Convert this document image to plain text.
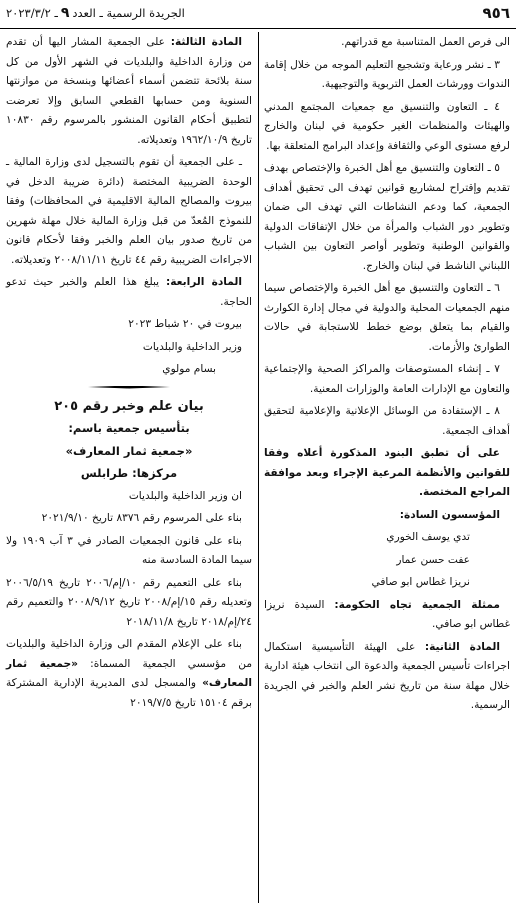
٩٥٦
الجريدة الرسمية ـ العدد٩ـ ٢٠٢٣/٣/٢

الى فرص العمل المتناسبة مع قدراتهم.

٣ ـ نشر ورعاية وتشجيع التعليم الموجه من خلال إقامة الندوات وورشات العمل التربوية والتوجيهية.

٤ ـ التعاون والتنسيق مع جمعيات المجتمع المدني والهيئات والمنظمات الغير حكومية في لبنان والخارج لرفع مستوى الوعي والثقافة وإعداد البرامج المتعلقة بها.

٥ ـ التعاون والتنسيق مع أهل الخبرة والإختصاص بهدف تقديم وإقتراح لمشاريع قوانين تهدف الى تحقيق أهداف الجمعية، كما ودعم النشاطات التي تهدف الى ضمان وتطوير دور الشباب والمرأة من خلال الإتفاقات الدولية والقوانين الوطنية وتطوير أواصر التعاون بين الشباب اللبناني الناشط في لبنان والخارج.

٦ ـ التعاون والتنسيق مع أهل الخبرة والإختصاص سيما منهم الجمعيات المحلية والدولية في مجال إدارة الكوارث والقيام بما يتعلق بوضع خطط للاستجابة في حالات الطوارئ والأزمات.

٧ ـ إنشاء المستوصفات والمراكز الصحية والإجتماعية والتعاون مع الإدارات العامة والوزارات المعنية.

٨ ـ الإستفادة من الوسائل الإعلانية والإعلامية لتحقيق أهداف الجمعية.

على أن تطبق البنود المذكورة أعلاه وفقا للقوانين والأنظمة المرعية الإجراء وبعد موافقة المراجع المختصة.

المؤسسون السادة:

تدي يوسف الخوري

عفت حسن عمار

نريزا غطاس ابو صافي

ممثلة الجمعية تجاه الحكومة: السيدة نريزا غطاس ابو صافي.

المادة الثانية: على الهيئة التأسيسية استكمال اجراءات تأسيس الجمعية والدعوة الى انتخاب هيئة ادارية خلال مهلة سنة من تاريخ نشر العلم والخبر في الجريدة الرسمية.

المادة الثالثة: على الجمعية المشار اليها أن تقدم من وزارة الداخلية والبلديات في الشهر الأول من كل سنة بلائحة تتضمن أسماء أعضائها وبنسخة من موازنتها السنوية ومن حسابها القطعي السابق وإلا تعرضت لتطبيق أحكام القانون المنشور بالمرسوم رقم ١٠٨٣٠ تاريخ ١٩٦٢/١٠/٩ وتعديلاته.

ـ على الجمعية أن تقوم بالتسجيل لدى وزارة المالية ـ الوحدة الضريبية المختصة (دائرة ضريبة الدخل في بيروت والمصالح المالية الاقليمية في المحافظات) وفقا للنموذج المُعدّ من قبل وزارة المالية خلال مهلة شهرين من تاريخ صدور بيان العلم والخبر وفقا لأحكام قانون الاجراءات الضريبية رقم ٤٤ تاريخ ٢٠٠٨/١١/١١ وتعديلاته.

المادة الرابعة: يبلغ هذا العلم والخبر حيث تدعو الحاجة.

بيروت في ٢٠ شباط ٢٠٢٣

وزير الداخلية والبلديات

بسام مولوي

بيان علم وخبر رقم ٢٠٥

بتأسيس جمعية باسم:

«جمعية ثمار المعارف»

مركزها: طرابلس

ان وزير الداخلية والبلديات

بناء على المرسوم رقم ٨٣٧٦ تاريخ ٢٠٢١/٩/١٠

بناء على قانون الجمعيات الصادر في ٣ آب ١٩٠٩ ولا سيما المادة السادسة منه

بناء على التعميم رقم ١٠/إم/٢٠٠٦ تاريخ ٢٠٠٦/٥/١٩ وتعديله رقم ١٥/إم/٢٠٠٨ تاريخ ٢٠٠٨/٩/١٢ والتعميم رقم ٢٤/إم/٢٠١٨ تاريخ ٢٠١٨/١١/٨

بناء على الإعلام المقدم الى وزارة الداخلية والبلديات من مؤسسي الجمعية المسماة: «جمعية ثمار المعارف» والمسجل لدى المديرية الإدارية المشتركة برقم ١٥١٠٤ تاريخ ٢٠١٩/٧/٥
